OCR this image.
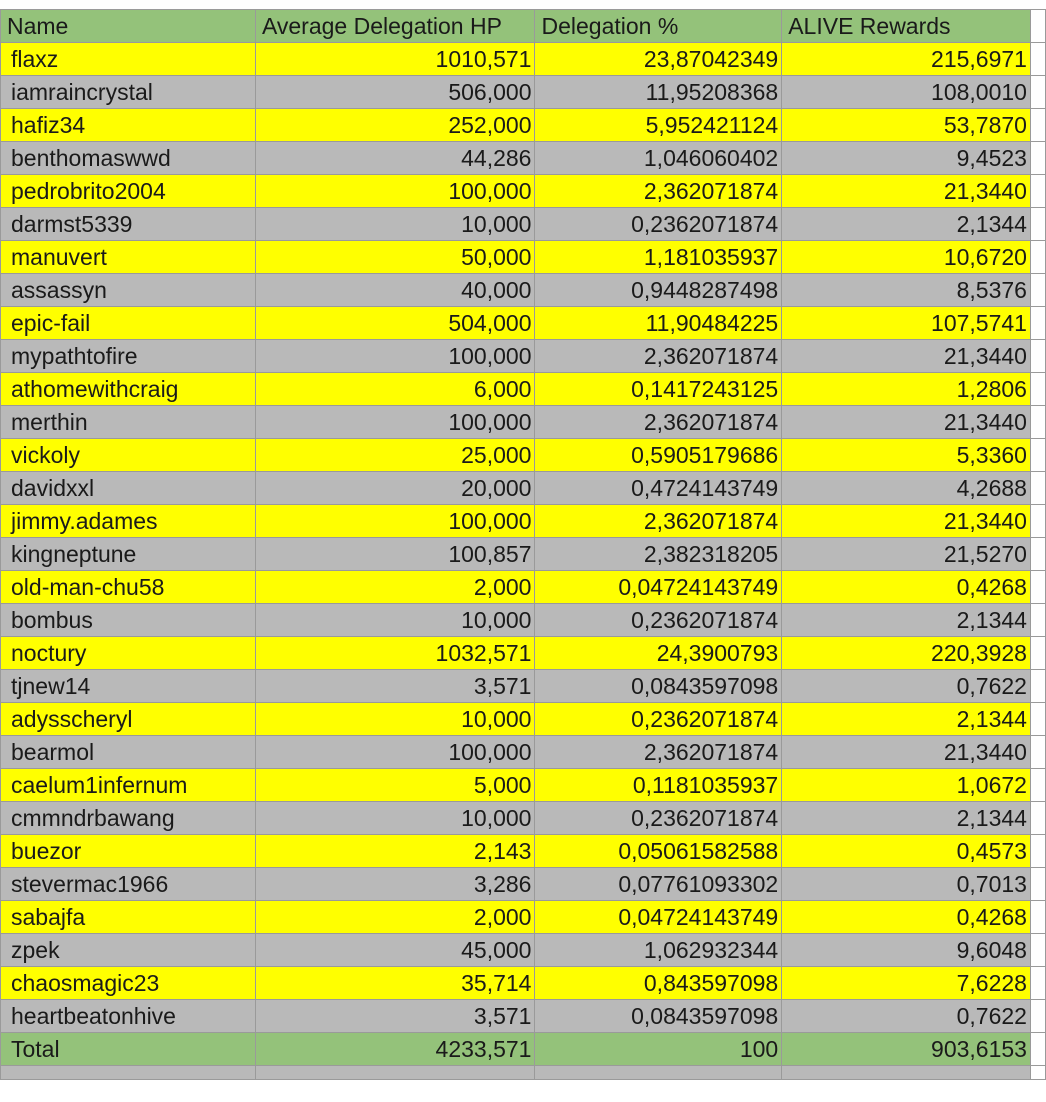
Name	Average Delegation HP	Delegation %	ALIVE Rewards	
flaxz	1010,571	23,87042349	215,6971	
iamraincrystal	506,000	11,95208368	108,0010	
hafiz34	252,000	5,952421124	53,7870	
benthomaswwd	44,286	1,046060402	9,4523	
pedrobrito2004	100,000	2,362071874	21,3440	
darmst5339	10,000	0,2362071874	2,1344	
manuvert	50,000	1,181035937	10,6720	
assassyn	40,000	0,9448287498	8,5376	
epic-fail	504,000	11,90484225	107,5741	
mypathtofire	100,000	2,362071874	21,3440	
athomewithcraig	6,000	0,1417243125	1,2806	
merthin	100,000	2,362071874	21,3440	
vickoly	25,000	0,5905179686	5,3360	
davidxxl	20,000	0,4724143749	4,2688	
jimmy.adames	100,000	2,362071874	21,3440	
kingneptune	100,857	2,382318205	21,5270	
old-man-chu58	2,000	0,04724143749	0,4268	
bombus	10,000	0,2362071874	2,1344	
noctury	1032,571	24,3900793	220,3928	
tjnew14	3,571	0,0843597098	0,7622	
adysscheryl	10,000	0,2362071874	2,1344	
bearmol	100,000	2,362071874	21,3440	
caelum1infernum	5,000	0,1181035937	1,0672	
cmmndrbawang	10,000	0,2362071874	2,1344	
buezor	2,143	0,05061582588	0,4573	
stevermac1966	3,286	0,07761093302	0,7013	
sabajfa	2,000	0,04724143749	0,4268	
zpek	45,000	1,062932344	9,6048	
chaosmagic23	35,714	0,843597098	7,6228	
heartbeatonhive	3,571	0,0843597098	0,7622	
Total	4233,571	100	903,6153	
